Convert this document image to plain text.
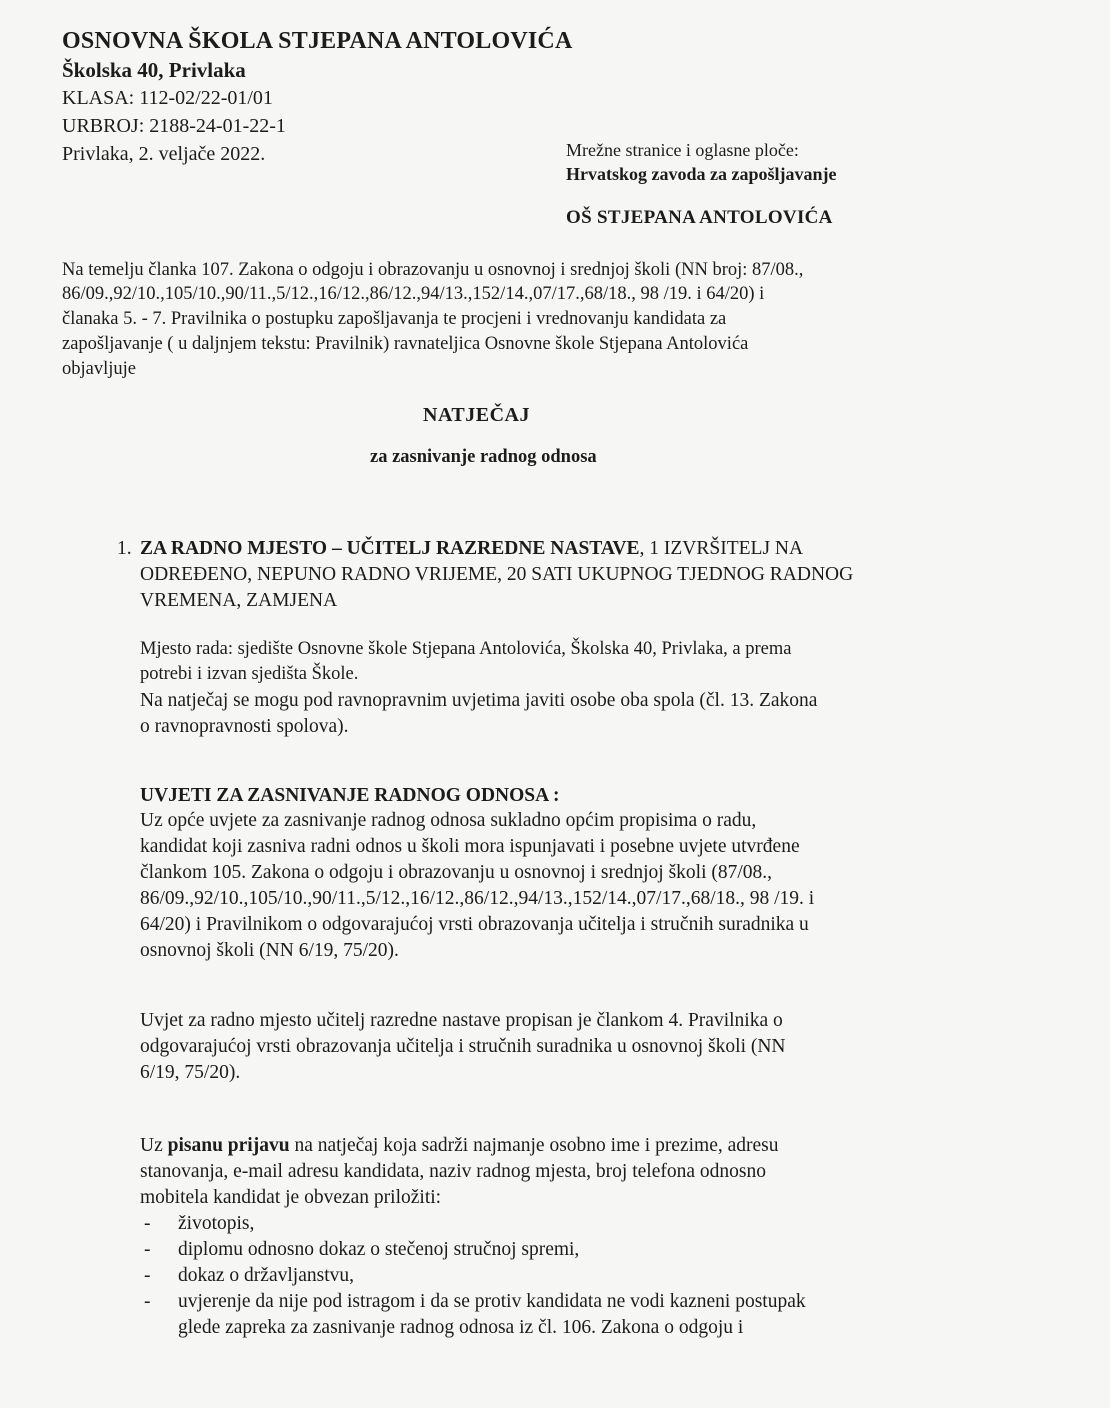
OSNOVNA ŠKOLA STJEPANA ANTOLOVIĆA
Školska 40, Privlaka
KLASA: 112-02/22-01/01
URBROJ: 2188-24-01-22-1
Privlaka, 2. veljače 2022.	Mrežne stranice i oglasne ploče:
Hrvatskog zavoda za zapošljavanje
OŠ STJEPANA ANTOLOVIĆA
Na temelju članka 107. Zakona o odgoju i obrazovanju u osnovnoj i srednjoj školi (NN broj: 87/08.,
86/09.,92/10.,105/10.,90/11.,5/12.,16/12.,86/12.,94/13.,152/14.,07/17.,68/18., 98 /19. i 64/20) i
članaka 5. - 7. Pravilnika o postupku zapošljavanja te procjeni i vrednovanju kandidata za
zapošljavanje ( u daljnjem tekstu: Pravilnik) ravnateljica Osnovne škole Stjepana Antolovića
objavljuje
NATJEČAJ
za zasnivanje radnog odnosa
1. ZA RADNO MJESTO – UČITELJ RAZREDNE NASTAVE, 1 IZVRŠITELJ NA
ODREĐENO, NEPUNO RADNO VRIJEME, 20 SATI UKUPNOG TJEDNOG RADNOG
VREMENA, ZAMJENA
Mjesto rada: sjedište Osnovne škole Stjepana Antolovića, Školska 40, Privlaka, a prema
potrebi i izvan sjedišta Škole.
Na natječaj se mogu pod ravnopravnim uvjetima javiti osobe oba spola (čl. 13. Zakona
o ravnopravnosti spolova).
UVJETI ZA ZASNIVANJE RADNOG ODNOSA :
Uz opće uvjete za zasnivanje radnog odnosa sukladno općim propisima o radu,
kandidat koji zasniva radni odnos u školi mora ispunjavati i posebne uvjete utvrđene
člankom 105. Zakona o odgoju i obrazovanju u osnovnoj i srednjoj školi (87/08.,
86/09.,92/10.,105/10.,90/11.,5/12.,16/12.,86/12.,94/13.,152/14.,07/17.,68/18., 98 /19. i
64/20) i Pravilnikom o odgovarajućoj vrsti obrazovanja učitelja i stručnih suradnika u
osnovnoj školi (NN 6/19, 75/20).
Uvjet za radno mjesto učitelj razredne nastave propisan je člankom 4. Pravilnika o
odgovarajućoj vrsti obrazovanja učitelja i stručnih suradnika u osnovnoj školi (NN
6/19, 75/20).
Uz pisanu prijavu na natječaj koja sadrži najmanje osobno ime i prezime, adresu
stanovanja, e-mail adresu kandidata, naziv radnog mjesta, broj telefona odnosno
mobitela kandidat je obvezan priložiti:
- životopis,
- diplomu odnosno dokaz o stečenoj stručnoj spremi,
- dokaz o državljanstvu,
- uvjerenje da nije pod istragom i da se protiv kandidata ne vodi kazneni postupak
glede zapreka za zasnivanje radnog odnosa iz čl. 106. Zakona o odgoju i
